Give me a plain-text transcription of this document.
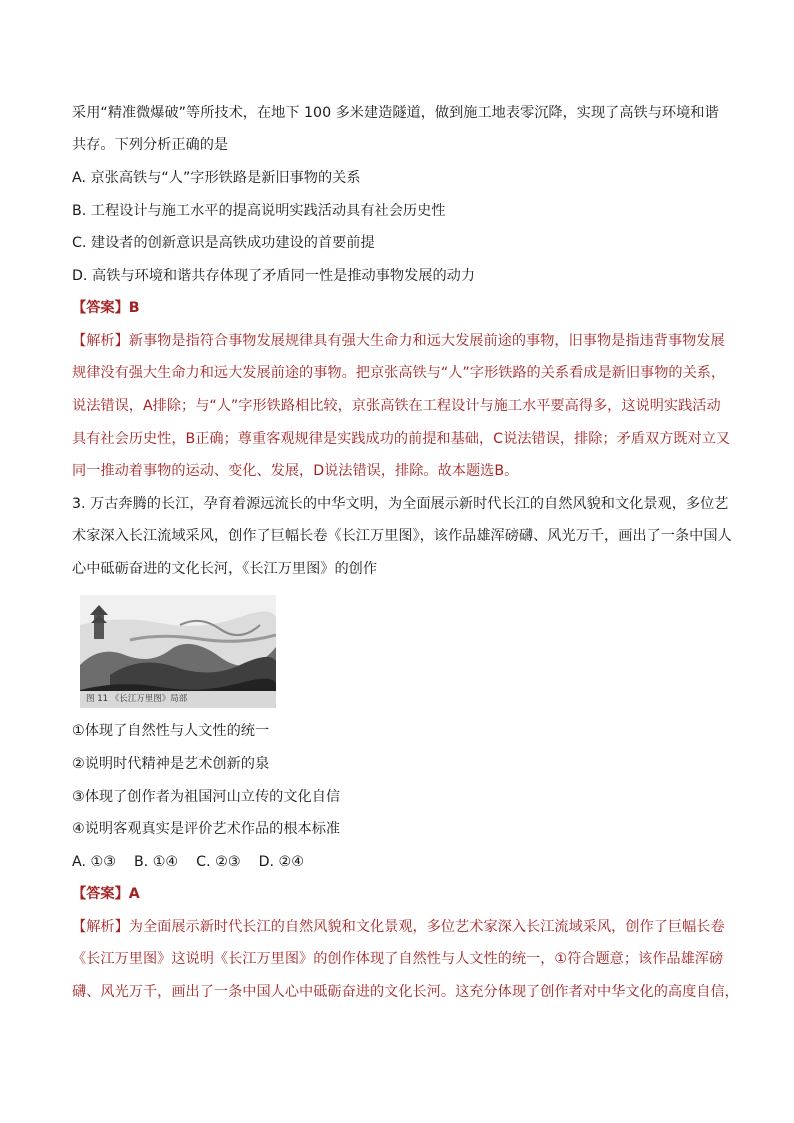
采用“精准微爆破”等所技术，在地下 100 多米建造隧道，做到施工地表零沉降，实现了高铁与环境和谐
共存。下列分析正确的是
A. 京张高铁与“人”字形铁路是新旧事物的关系
B. 工程设计与施工水平的提高说明实践活动具有社会历史性
C. 建设者的创新意识是高铁成功建设的首要前提
D. 高铁与环境和谐共存体现了矛盾同一性是推动事物发展的动力
【答案】B
【解析】新事物是指符合事物发展规律具有强大生命力和远大发展前途的事物，旧事物是指违背事物发展
规律没有强大生命力和远大发展前途的事物。把京张高铁与“人”字形铁路的关系看成是新旧事物的关系，
说法错误，A排除；与“人”字形铁路相比较，京张高铁在工程设计与施工水平要高得多，这说明实践活动
具有社会历史性，B正确；尊重客观规律是实践成功的前提和基础，C说法错误，排除；矛盾双方既对立又
同一推动着事物的运动、变化、发展，D说法错误，排除。故本题选B。
3. 万古奔腾的长江，孕育着源远流长的中华文明，为全面展示新时代长江的自然风貌和文化景观，多位艺
术家深入长江流域采风，创作了巨幅长卷《长江万里图》，该作品雄浑磅礴、风光万千，画出了一条中国人
心中砥砺奋进的文化长河，《长江万里图》的创作
图 11 《长江万里图》局部
①体现了自然性与人文性的统一
②说明时代精神是艺术创新的泉
③体现了创作者为祖国河山立传的文化自信
④说明客观真实是评价艺术作品的根本标准
A. ①③    B. ①④    C. ②③    D. ②④
【答案】A
【解析】为全面展示新时代长江的自然风貌和文化景观，多位艺术家深入长江流域采风，创作了巨幅长卷
《长江万里图》这说明《长江万里图》的创作体现了自然性与人文性的统一，①符合题意；该作品雄浑磅
礴、风光万千，画出了一条中国人心中砥砺奋进的文化长河。这充分体现了创作者对中华文化的高度自信，
